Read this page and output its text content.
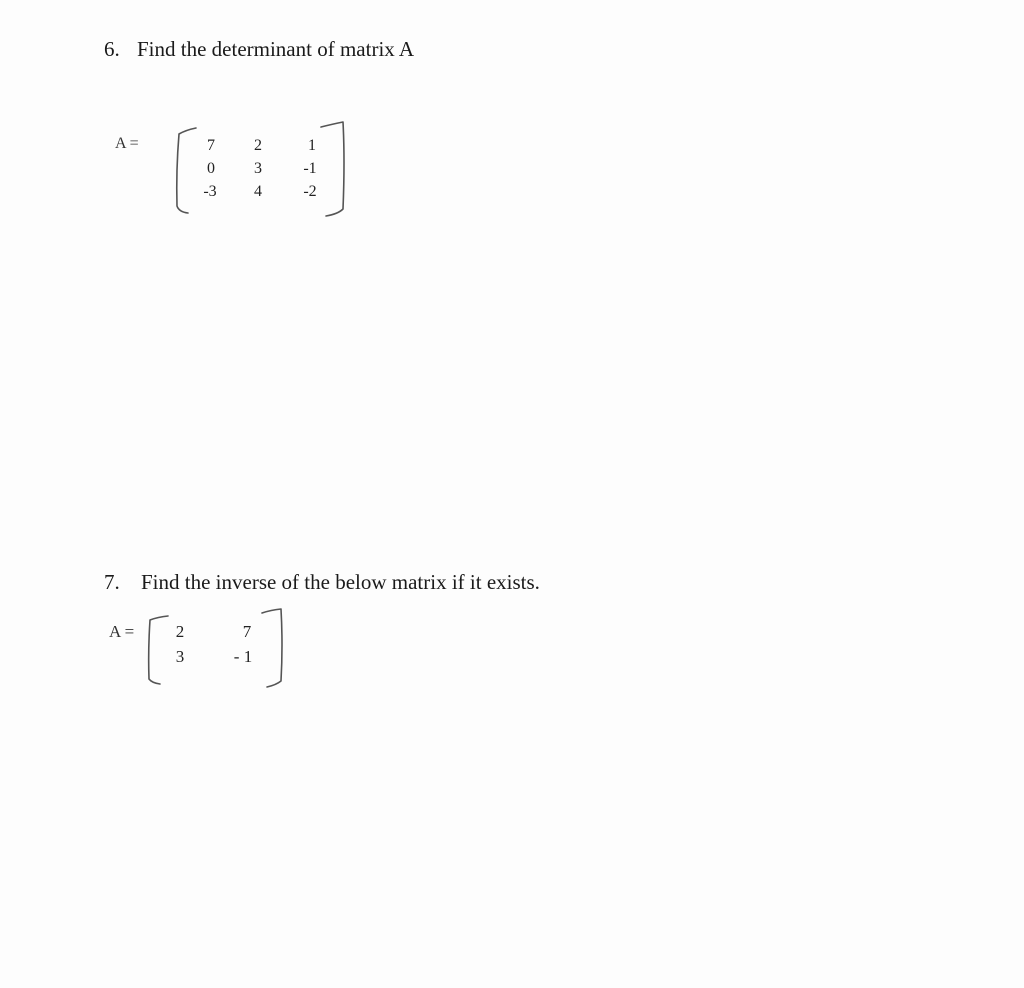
6. Find the determinant of matrix A
A =	7	2	1
0	3	-1
-3	4	-2
7. Find the inverse of the below matrix if it exists.
A =	2	7
3	- 1
